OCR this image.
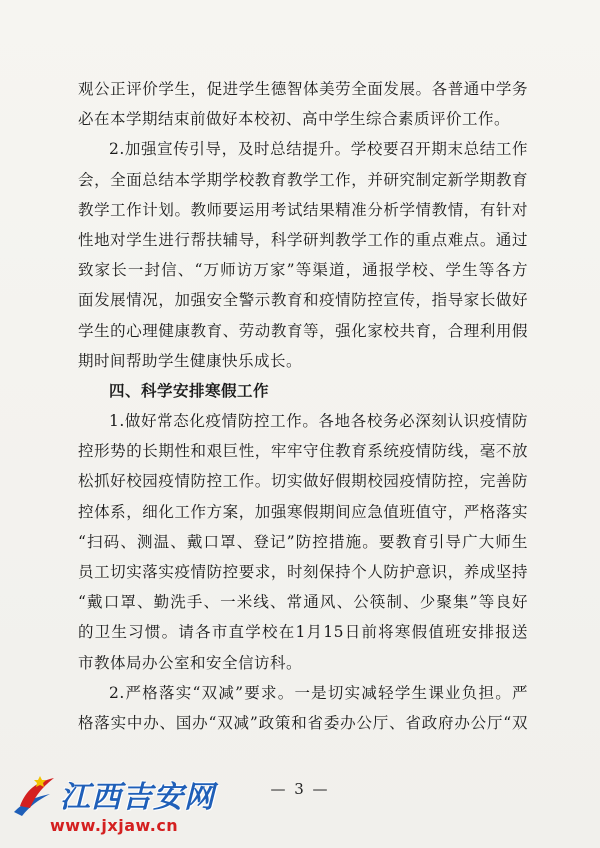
观公正评价学生，促进学生德智体美劳全面发展。各普通中学务
必在本学期结束前做好本校初、高中学生综合素质评价工作。
2.加强宣传引导，及时总结提升。学校要召开期末总结工作
会，全面总结本学期学校教育教学工作，并研究制定新学期教育
教学工作计划。教师要运用考试结果精准分析学情教情，有针对
性地对学生进行帮扶辅导，科学研判教学工作的重点难点。通过
致家长一封信、“万师访万家”等渠道，通报学校、学生等各方
面发展情况，加强安全警示教育和疫情防控宣传，指导家长做好
学生的心理健康教育、劳动教育等，强化家校共育，合理利用假
期时间帮助学生健康快乐成长。
四、科学安排寒假工作
1.做好常态化疫情防控工作。各地各校务必深刻认识疫情防
控形势的长期性和艰巨性，牢牢守住教育系统疫情防线，毫不放
松抓好校园疫情防控工作。切实做好假期校园疫情防控，完善防
控体系，细化工作方案，加强寒假期间应急值班值守，严格落实
“扫码、测温、戴口罩、登记”防控措施。要教育引导广大师生
员工切实落实疫情防控要求，时刻保持个人防护意识，养成坚持
“戴口罩、勤洗手、一米线、常通风、公筷制、少聚集”等良好
的卫生习惯。请各市直学校在1月15日前将寒假值班安排报送
市教体局办公室和安全信访科。
2.严格落实“双减”要求。一是切实减轻学生课业负担。严
格落实中办、国办“双减”政策和省委办公厅、省政府办公厅“双
— 3 —
江西吉安网
www.jxjaw.cn
